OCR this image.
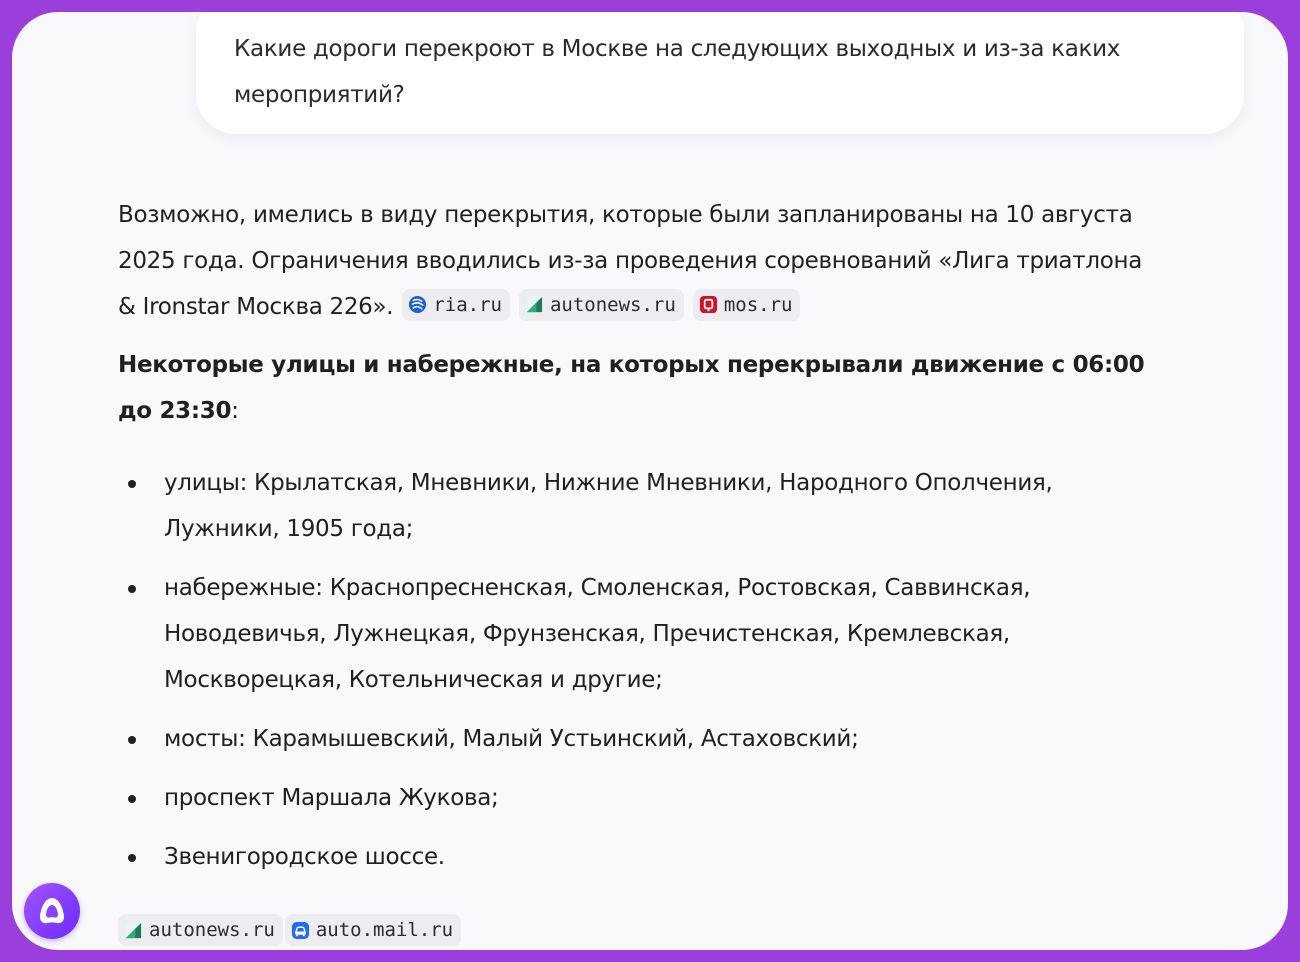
Какие дороги перекроют в Москве на следующих выходных и из-за каких
мероприятий?

Возможно, имелись в виду перекрытия, которые были запланированы на 10 августа
2025 года. Ограничения вводились из-за проведения соревнований «Лига триатлона
& Ironstar Москва 226». ria.ru
	autonews.ru
	mos.ru

Некоторые улицы и набережные, на которых перекрывали движение с 06:00 до 23:30:

улицы: Крылатская, Мневники, Нижние Мневники, Народного Ополчения,
Лужники, 1905 года;
набережные: Краснопресненская, Смоленская, Ростовская, Саввинская,
Новодевичья, Лужнецкая, Фрунзенская, Пречистенская, Кремлевская,
Москворецкая, Котельническая и другие;
мосты: Карамышевский, Малый Устьинский, Астаховский;
проспект Маршала Жукова;
Звенигородское шоссе.
autonews.ru auto.mail.ru
